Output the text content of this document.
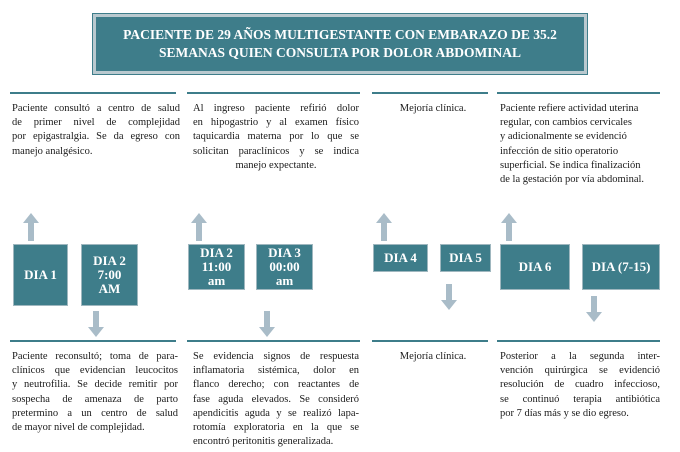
PACIENTE DE 29 AÑOS MULTIGESTANTE CON EMBARAZO DE 35.2
SEMANAS QUIEN CONSULTA POR DOLOR ABDOMINAL
Paciente consultó a centro de salud
de primer nivel de complejidad
por epigastralgia. Se da egreso con
manejo analgésico.
Al ingreso paciente refirió dolor
en hipogastrio y al examen físico
taquicardia materna por lo que se
solicitan paraclínicos y se indica
manejo expectante.
Mejoría clínica.	Paciente refiere actividad uterina
regular, con cambios cervicales
y adicionalmente se evidenció
infección de sitio operatorio
superficial. Se indica finalización
de la gestación por vía abdominal.
DIA 1
DIA 2
7:00
AM
DIA 2
11:00
am
DIA 3
00:00
am
DIA 4 DIA 5
DIA 6	DIA (7-15)
Paciente reconsultó; toma de para-
clínicos que evidencian leucocitos
y neutrofilia. Se decide remitir por
sospecha de amenaza de parto
pretermino a un centro de salud
de mayor nivel de complejidad.
Se evidencia signos de respuesta
inflamatoria sistémica, dolor en
flanco derecho; con reactantes de
fase aguda elevados. Se consideró
apendicitis aguda y se realizó lapa-
rotomía exploratoria en la que se
encontró peritonitis generalizada.
Mejoría clínica.	Posterior a la segunda inter-
vención quirúrgica se evidenció
resolución de cuadro infeccioso,
se continuó terapia antibiótica
por 7 días más y se dio egreso.
